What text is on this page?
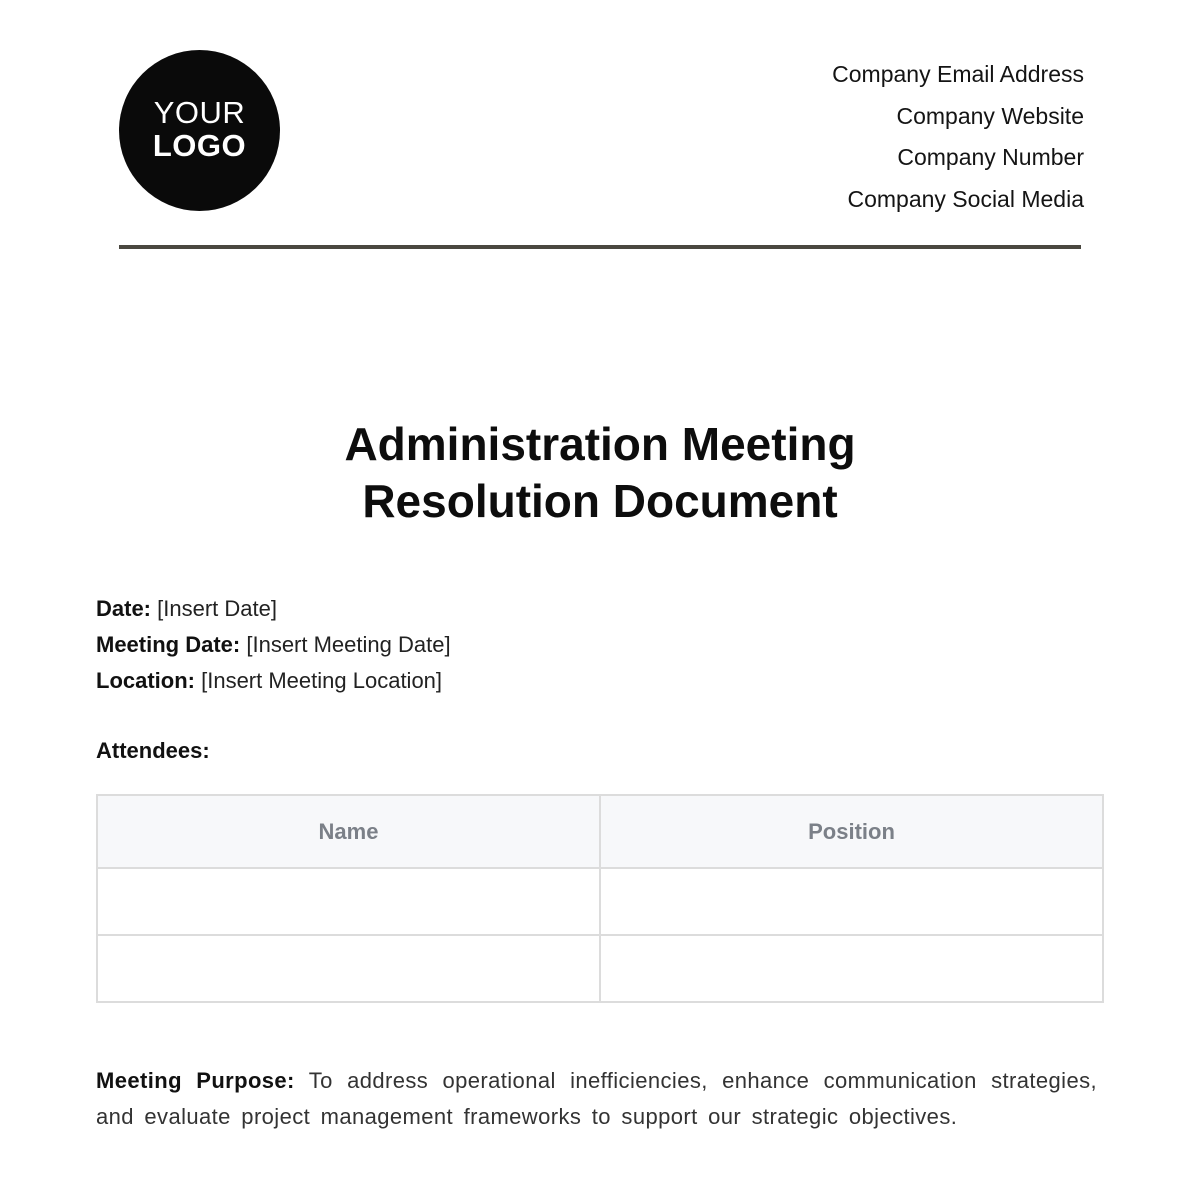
YOUR
LOGO
Company Email Address
Company Website
Company Number
Company Social Media
Administration Meeting
Resolution Document
Date: [Insert Date]
Meeting Date: [Insert Meeting Date]
Location: [Insert Meeting Location]
Attendees:
Name	Position

Meeting Purpose: To address operational inefficiencies, enhance communication strategies, and evaluate project management frameworks to support our strategic objectives.
